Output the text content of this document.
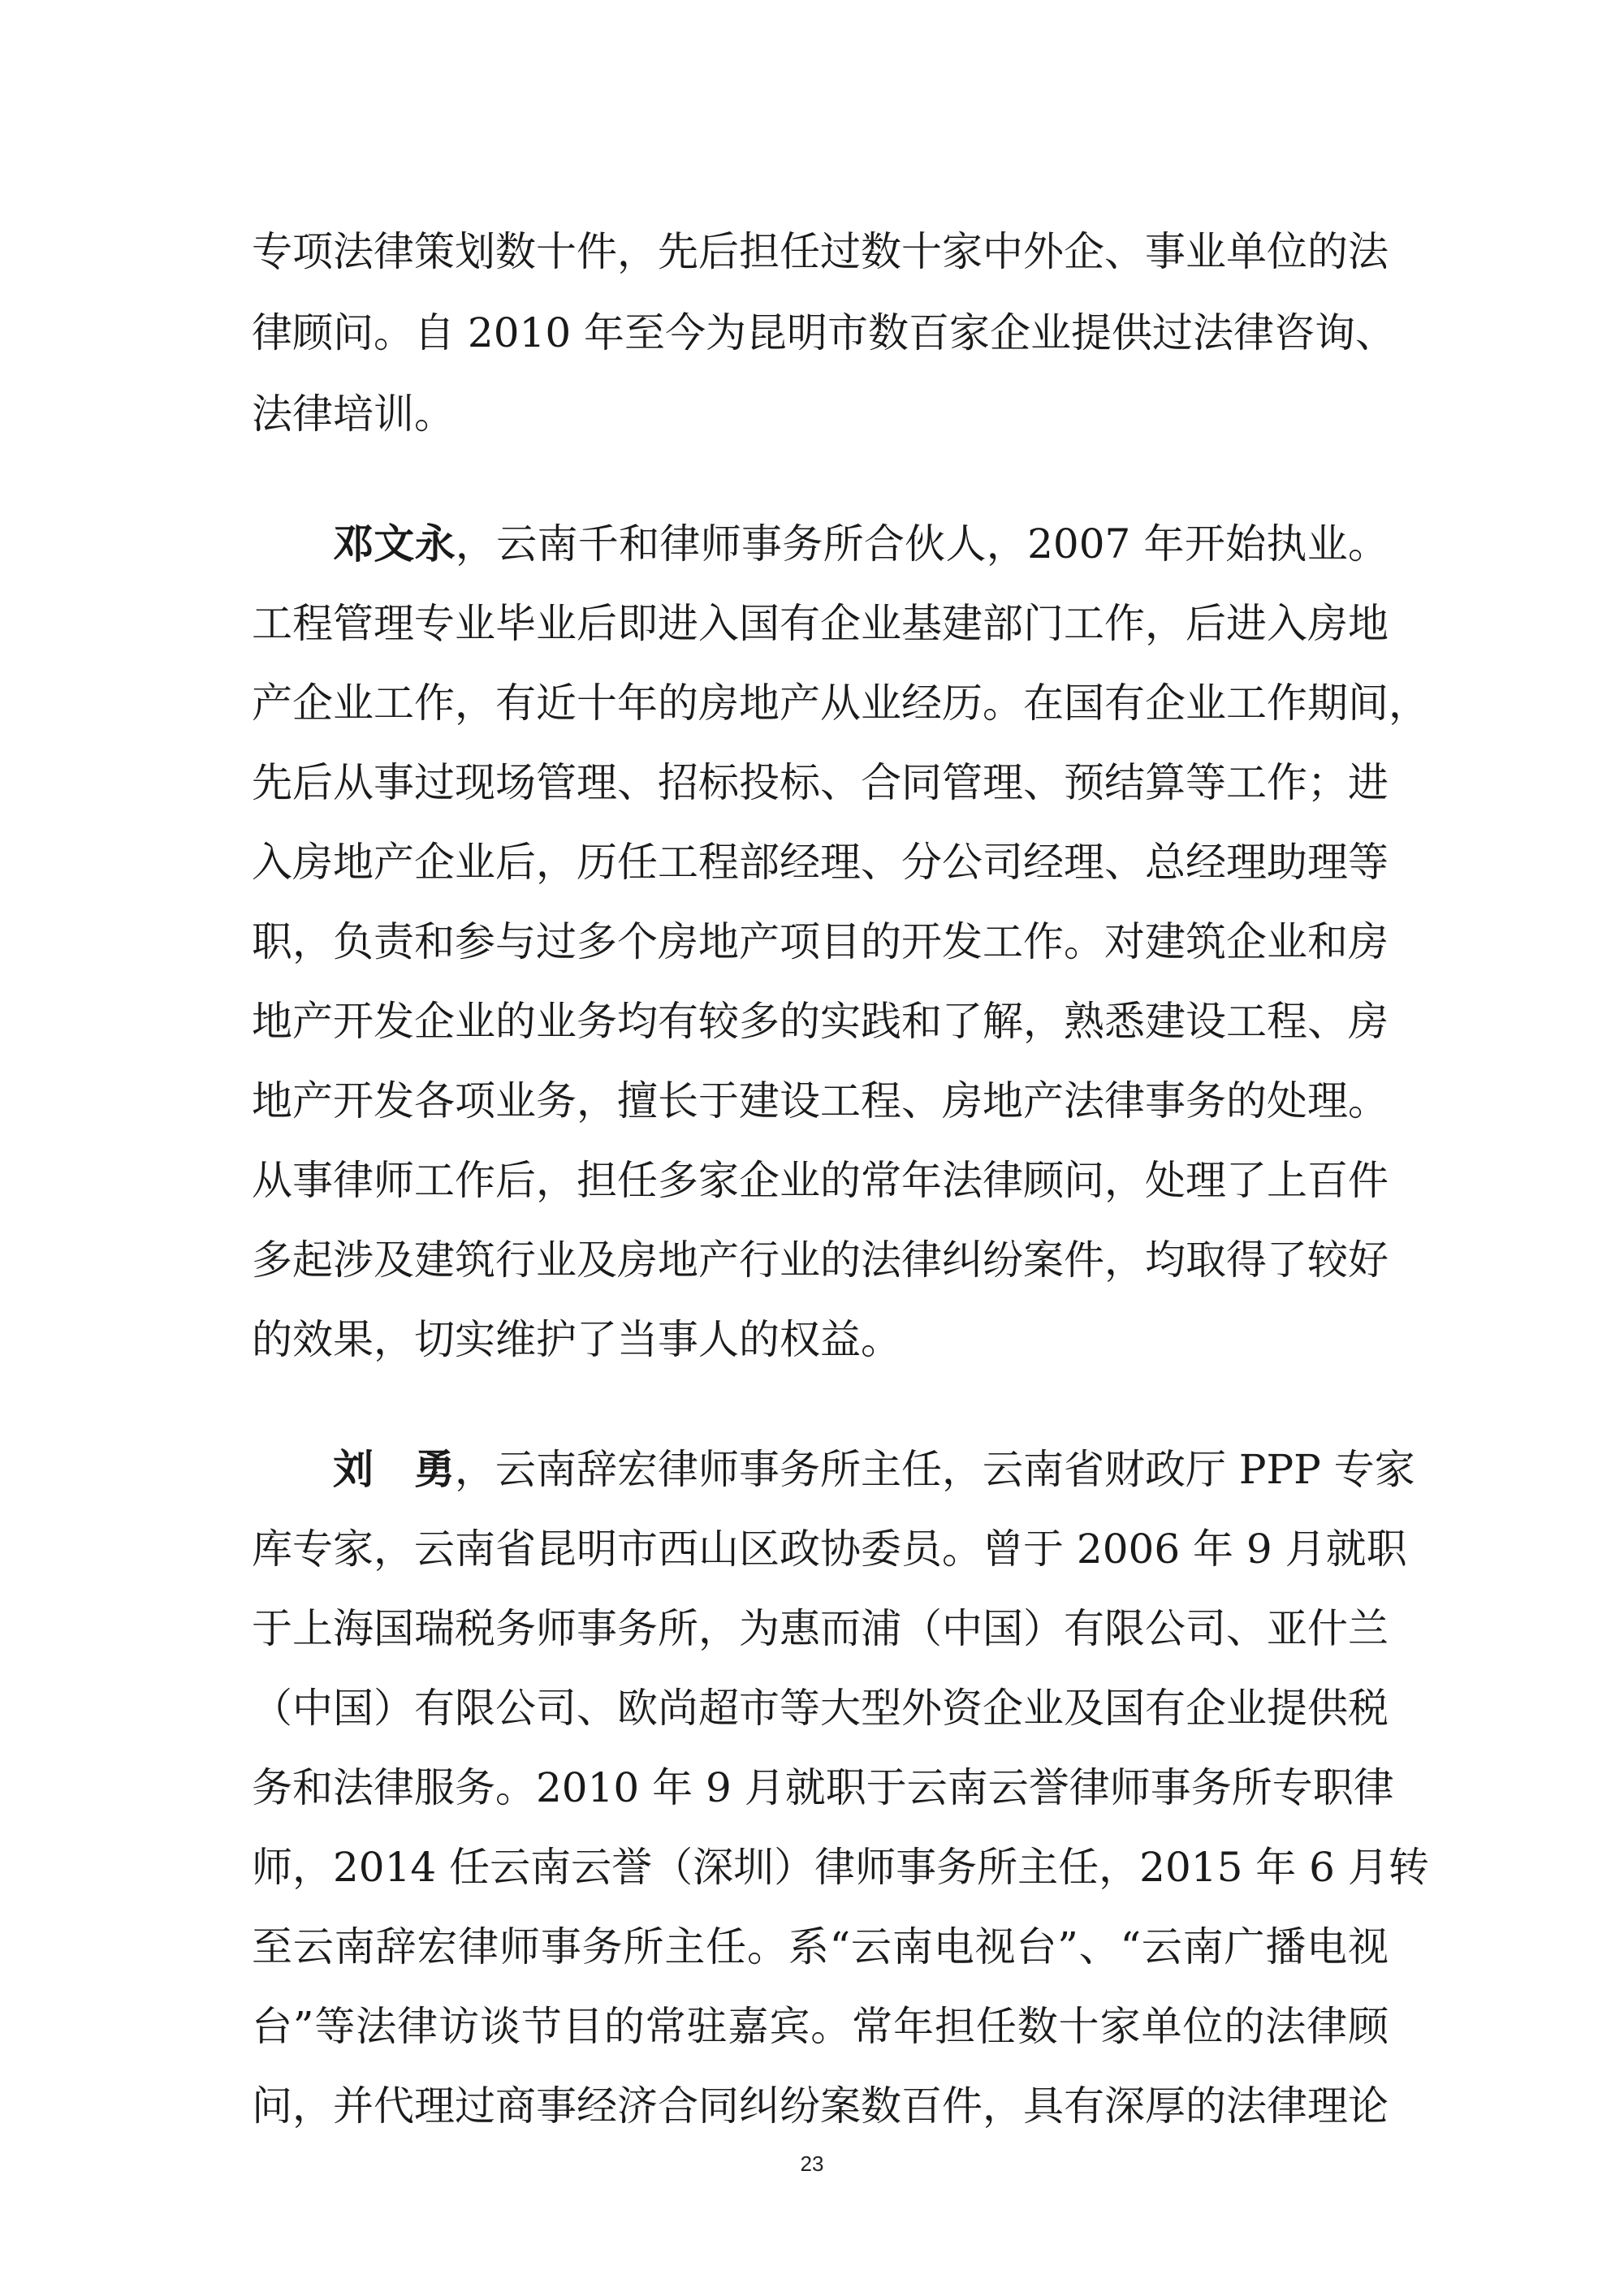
专项法律策划数十件，先后担任过数十家中外企、事业单位的法
律顾问。自 2010 年至今为昆明市数百家企业提供过法律咨询、
法律培训。
邓文永，云南千和律师事务所合伙人，2007 年开始执业。
工程管理专业毕业后即进入国有企业基建部门工作，后进入房地
产企业工作，有近十年的房地产从业经历。在国有企业工作期间，
先后从事过现场管理、招标投标、合同管理、预结算等工作；进
入房地产企业后，历任工程部经理、分公司经理、总经理助理等
职，负责和参与过多个房地产项目的开发工作。对建筑企业和房
地产开发企业的业务均有较多的实践和了解，熟悉建设工程、房
地产开发各项业务，擅长于建设工程、房地产法律事务的处理。
从事律师工作后，担任多家企业的常年法律顾问，处理了上百件
多起涉及建筑行业及房地产行业的法律纠纷案件，均取得了较好
的效果，切实维护了当事人的权益。
刘　勇，云南辞宏律师事务所主任，云南省财政厅 PPP 专家
库专家，云南省昆明市西山区政协委员。曾于 2006 年 9 月就职
于上海国瑞税务师事务所，为惠而浦（中国）有限公司、亚什兰
（中国）有限公司、欧尚超市等大型外资企业及国有企业提供税
务和法律服务。2010 年 9 月就职于云南云誉律师事务所专职律
师，2014 任云南云誉（深圳）律师事务所主任，2015 年 6 月转
至云南辞宏律师事务所主任。系“云南电视台”、“云南广播电视
台”等法律访谈节目的常驻嘉宾。常年担任数十家单位的法律顾
问，并代理过商事经济合同纠纷案数百件，具有深厚的法律理论
23
